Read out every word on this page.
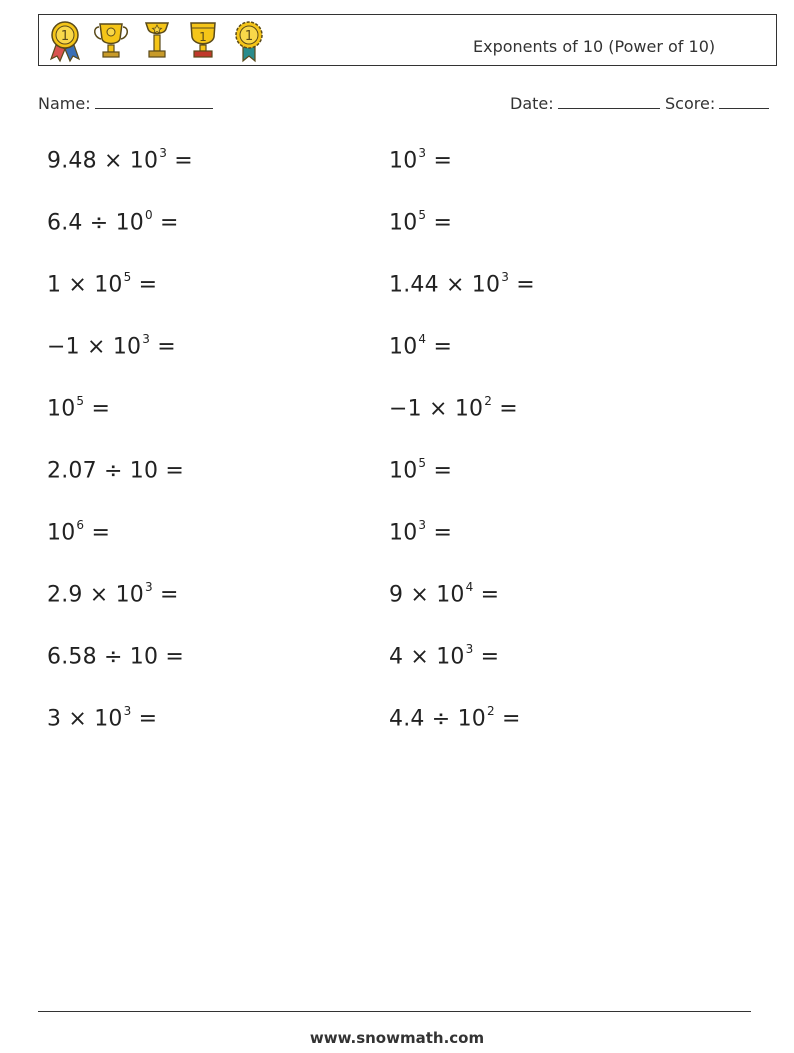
1	1	1
Exponents of 10 (Power of 10)
Name:	Date:	Score:
$9.48 \times 10^3$ =
$6.4 \div 10^0$ =
$1 \times 10^5$ =
$-1 \times 10^3$ =
$10^5$ =
2.07 ÷ 10 =
$10^6$ =
$2.9 \times 10^3$ =
6.58 ÷ 10 =
$3 \times 10^3$ =
$10^3$ =
$10^5$ =
$1.44 \times 10^3$ =
$10^4$ =
$-1 \times 10^2$ =
$10^5$ =
$10^3$ =
$9 \times 10^4$ =
$4 \times 10^3$ =
$4.4 \div 10^2$ =
www.snowmath.com
